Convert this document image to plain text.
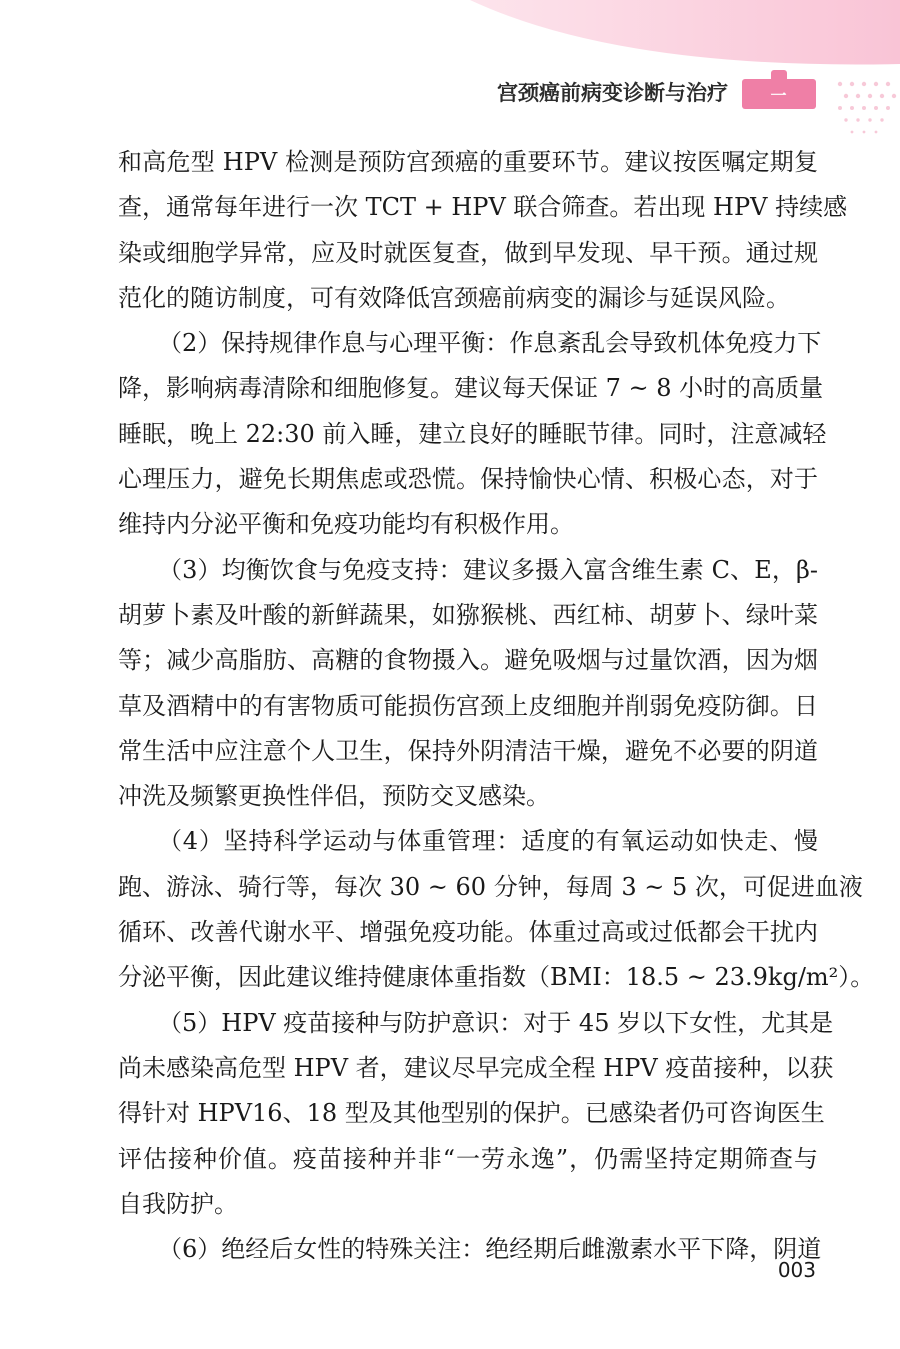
宫颈癌前病变诊断与治疗	一
和高危型 HPV 检测是预防宫颈癌的重要环节。建议按医嘱定期复
查，通常每年进行一次 TCT + HPV 联合筛查。若出现 HPV 持续感
染或细胞学异常，应及时就医复查，做到早发现、早干预。通过规
范化的随访制度，可有效降低宫颈癌前病变的漏诊与延误风险。
（2）保持规律作息与心理平衡：作息紊乱会导致机体免疫力下
降，影响病毒清除和细胞修复。建议每天保证 7 ~ 8 小时的高质量
睡眠，晚上 22:30 前入睡，建立良好的睡眠节律。同时，注意减轻
心理压力，避免长期焦虑或恐慌。保持愉快心情、积极心态，对于
维持内分泌平衡和免疫功能均有积极作用。
（3）均衡饮食与免疫支持：建议多摄入富含维生素 C、E，β-
胡萝卜素及叶酸的新鲜蔬果，如猕猴桃、西红柿、胡萝卜、绿叶菜
等；减少高脂肪、高糖的食物摄入。避免吸烟与过量饮酒，因为烟
草及酒精中的有害物质可能损伤宫颈上皮细胞并削弱免疫防御。日
常生活中应注意个人卫生，保持外阴清洁干燥，避免不必要的阴道
冲洗及频繁更换性伴侣，预防交叉感染。
（4）坚持科学运动与体重管理：适度的有氧运动如快走、慢
跑、游泳、骑行等，每次 30 ~ 60 分钟，每周 3 ~ 5 次，可促进血液
循环、改善代谢水平、增强免疫功能。体重过高或过低都会干扰内
分泌平衡，因此建议维持健康体重指数（BMI：18.5 ~ 23.9kg/m²）。
（5）HPV 疫苗接种与防护意识：对于 45 岁以下女性，尤其是
尚未感染高危型 HPV 者，建议尽早完成全程 HPV 疫苗接种，以获
得针对 HPV16、18 型及其他型别的保护。已感染者仍可咨询医生
评估接种价值。疫苗接种并非“一劳永逸”，仍需坚持定期筛查与
自我防护。
（6）绝经后女性的特殊关注：绝经期后雌激素水平下降，阴道
003
